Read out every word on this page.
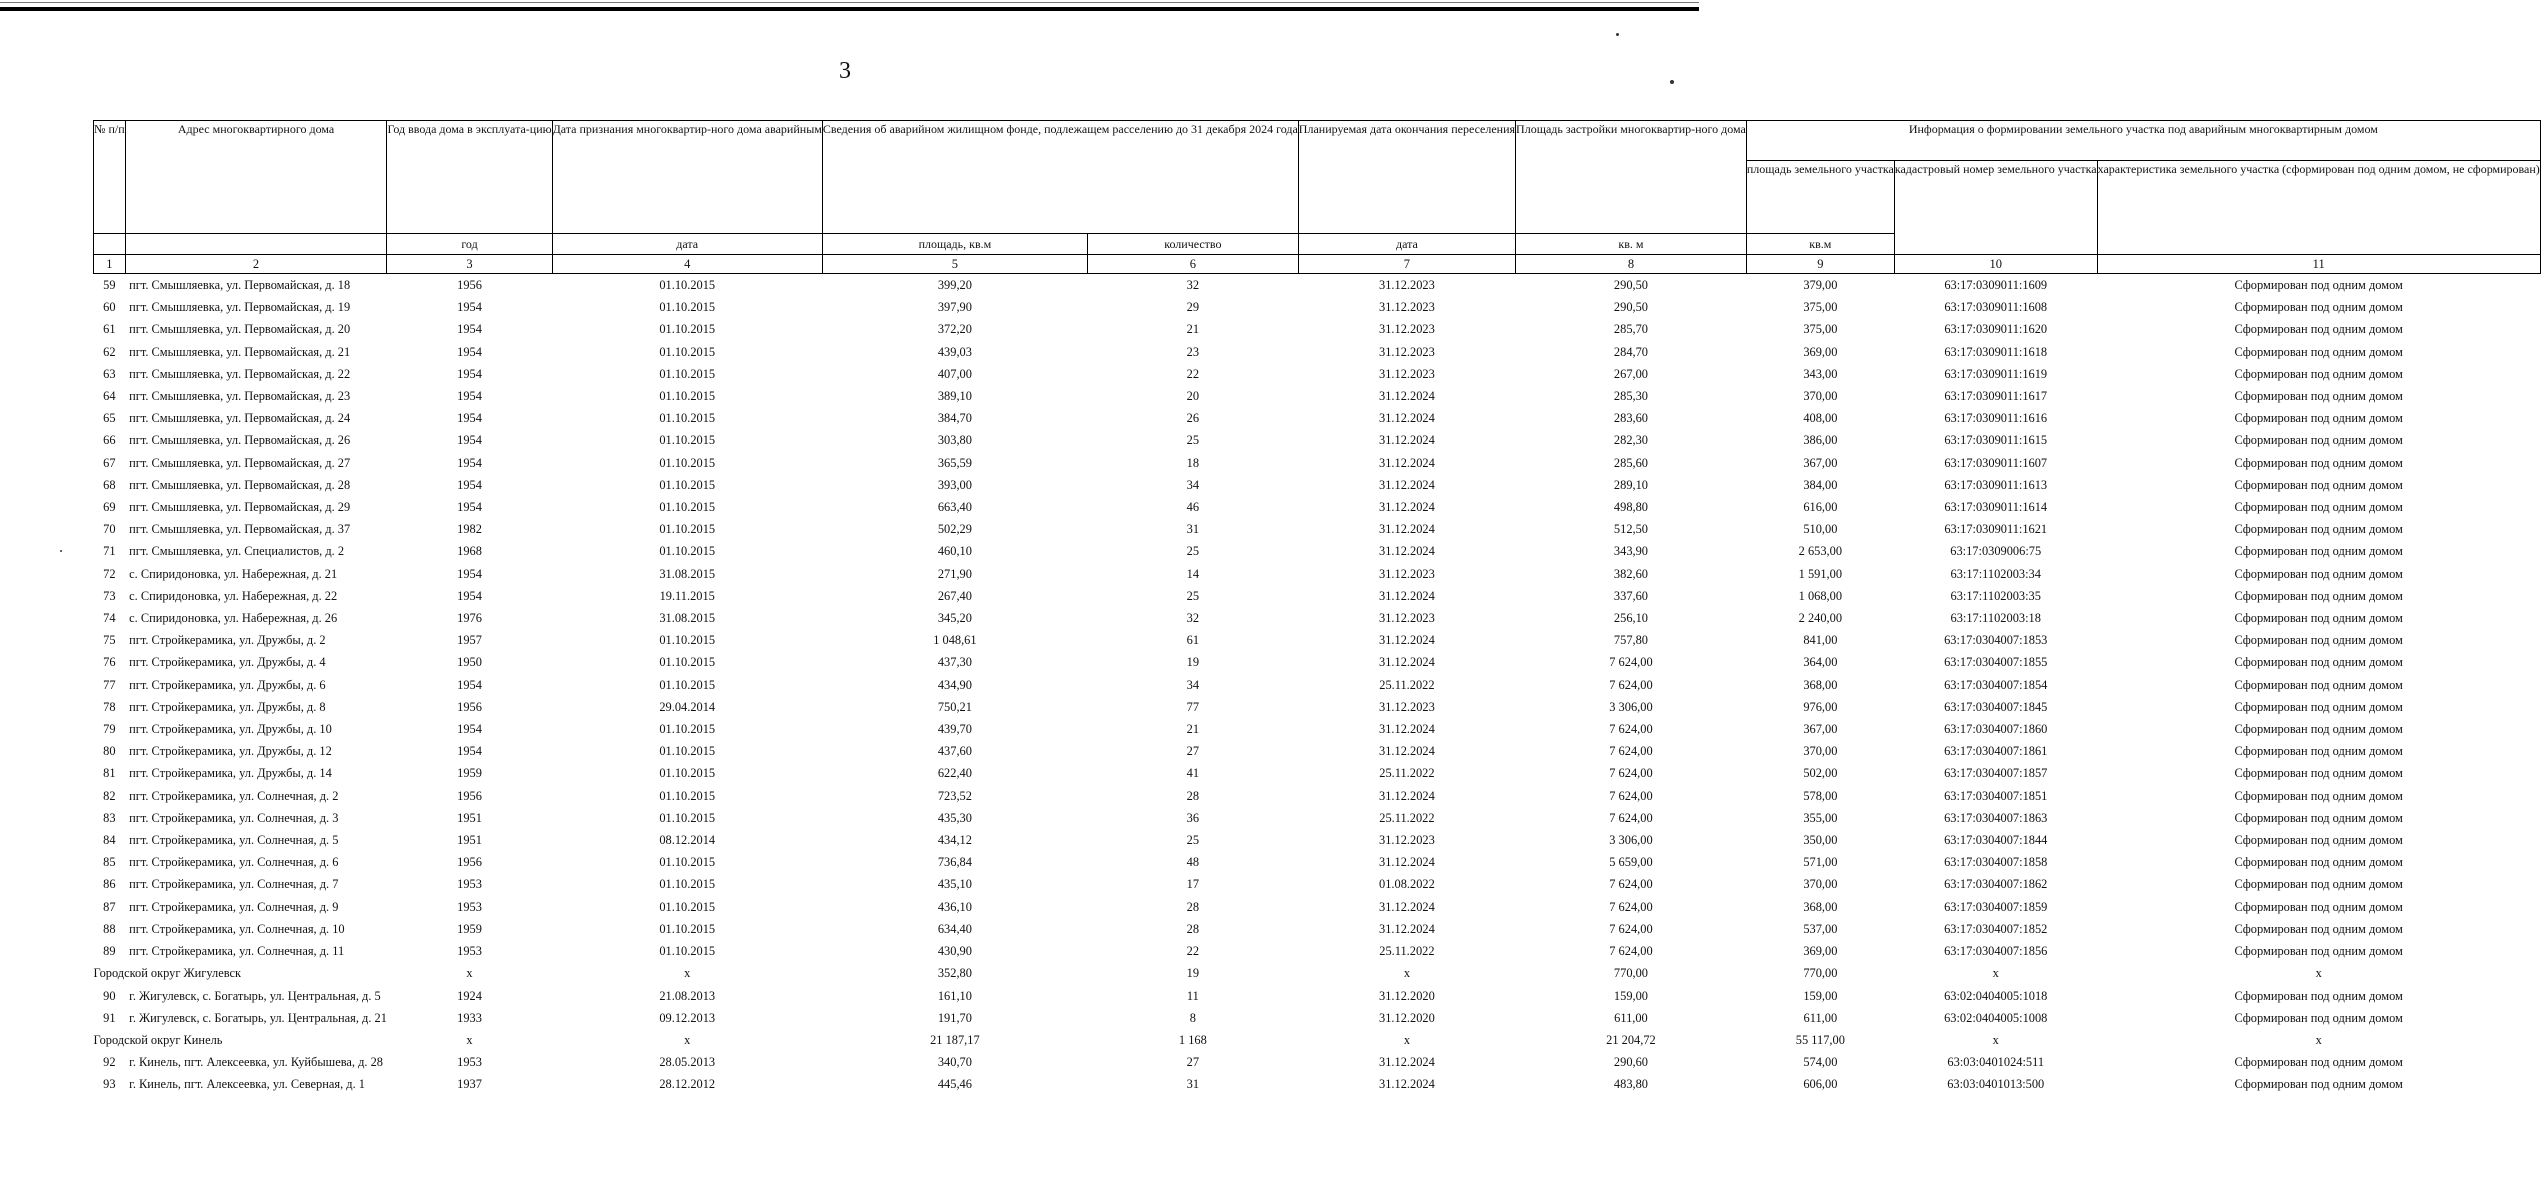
3
№ п/п	Адрес многоквартирного дома	Год ввода дома в эксплуата-цию	Дата признания многоквартир-ного дома аварийным	Сведения об аварийном жилищном фонде, подлежащем расселению до 31 декабря 2024 года		Планируемая дата окончания переселения	Площадь застройки многоквартир-ного дома	Информация о формировании земельного участка под аварийным многоквартирным домом		
								площадь земельного участка	кадастровый номер земельного участка	характеристика земельного участка (сформирован под одним домом, не сформирован)
		год	дата	площадь, кв.м	количество	дата	кв. м	кв.м		
1	2	3	4	5	6	7	8	9	10	11
59	пгт. Смышляевка, ул. Первомайская, д. 18	1956	01.10.2015	399,20	32	31.12.2023	290,50	379,00	63:17:0309011:1609	Сформирован под одним домом
60	пгт. Смышляевка, ул. Первомайская, д. 19	1954	01.10.2015	397,90	29	31.12.2023	290,50	375,00	63:17:0309011:1608	Сформирован под одним домом
61	пгт. Смышляевка, ул. Первомайская, д. 20	1954	01.10.2015	372,20	21	31.12.2023	285,70	375,00	63:17:0309011:1620	Сформирован под одним домом
62	пгт. Смышляевка, ул. Первомайская, д. 21	1954	01.10.2015	439,03	23	31.12.2023	284,70	369,00	63:17:0309011:1618	Сформирован под одним домом
63	пгт. Смышляевка, ул. Первомайская, д. 22	1954	01.10.2015	407,00	22	31.12.2023	267,00	343,00	63:17:0309011:1619	Сформирован под одним домом
64	пгт. Смышляевка, ул. Первомайская, д. 23	1954	01.10.2015	389,10	20	31.12.2024	285,30	370,00	63:17:0309011:1617	Сформирован под одним домом
65	пгт. Смышляевка, ул. Первомайская, д. 24	1954	01.10.2015	384,70	26	31.12.2024	283,60	408,00	63:17:0309011:1616	Сформирован под одним домом
66	пгт. Смышляевка, ул. Первомайская, д. 26	1954	01.10.2015	303,80	25	31.12.2024	282,30	386,00	63:17:0309011:1615	Сформирован под одним домом
67	пгт. Смышляевка, ул. Первомайская, д. 27	1954	01.10.2015	365,59	18	31.12.2024	285,60	367,00	63:17:0309011:1607	Сформирован под одним домом
68	пгт. Смышляевка, ул. Первомайская, д. 28	1954	01.10.2015	393,00	34	31.12.2024	289,10	384,00	63:17:0309011:1613	Сформирован под одним домом
69	пгт. Смышляевка, ул. Первомайская, д. 29	1954	01.10.2015	663,40	46	31.12.2024	498,80	616,00	63:17:0309011:1614	Сформирован под одним домом
70	пгт. Смышляевка, ул. Первомайская, д. 37	1982	01.10.2015	502,29	31	31.12.2024	512,50	510,00	63:17:0309011:1621	Сформирован под одним домом
71	пгт. Смышляевка, ул. Специалистов, д. 2	1968	01.10.2015	460,10	25	31.12.2024	343,90	2 653,00	63:17:0309006:75	Сформирован под одним домом
72	с. Спиридоновка, ул. Набережная, д. 21	1954	31.08.2015	271,90	14	31.12.2023	382,60	1 591,00	63:17:1102003:34	Сформирован под одним домом
73	с. Спиридоновка, ул. Набережная, д. 22	1954	19.11.2015	267,40	25	31.12.2024	337,60	1 068,00	63:17:1102003:35	Сформирован под одним домом
74	с. Спиридоновка, ул. Набережная, д. 26	1976	31.08.2015	345,20	32	31.12.2023	256,10	2 240,00	63:17:1102003:18	Сформирован под одним домом
75	пгт. Стройкерамика, ул. Дружбы, д. 2	1957	01.10.2015	1 048,61	61	31.12.2024	757,80	841,00	63:17:0304007:1853	Сформирован под одним домом
76	пгт. Стройкерамика, ул. Дружбы, д. 4	1950	01.10.2015	437,30	19	31.12.2024	7 624,00	364,00	63:17:0304007:1855	Сформирован под одним домом
77	пгт. Стройкерамика, ул. Дружбы, д. 6	1954	01.10.2015	434,90	34	25.11.2022	7 624,00	368,00	63:17:0304007:1854	Сформирован под одним домом
78	пгт. Стройкерамика, ул. Дружбы, д. 8	1956	29.04.2014	750,21	77	31.12.2023	3 306,00	976,00	63:17:0304007:1845	Сформирован под одним домом
79	пгт. Стройкерамика, ул. Дружбы, д. 10	1954	01.10.2015	439,70	21	31.12.2024	7 624,00	367,00	63:17:0304007:1860	Сформирован под одним домом
80	пгт. Стройкерамика, ул. Дружбы, д. 12	1954	01.10.2015	437,60	27	31.12.2024	7 624,00	370,00	63:17:0304007:1861	Сформирован под одним домом
81	пгт. Стройкерамика, ул. Дружбы, д. 14	1959	01.10.2015	622,40	41	25.11.2022	7 624,00	502,00	63:17:0304007:1857	Сформирован под одним домом
82	пгт. Стройкерамика, ул. Солнечная, д. 2	1956	01.10.2015	723,52	28	31.12.2024	7 624,00	578,00	63:17:0304007:1851	Сформирован под одним домом
83	пгт. Стройкерамика, ул. Солнечная, д. 3	1951	01.10.2015	435,30	36	25.11.2022	7 624,00	355,00	63:17:0304007:1863	Сформирован под одним домом
84	пгт. Стройкерамика, ул. Солнечная, д. 5	1951	08.12.2014	434,12	25	31.12.2023	3 306,00	350,00	63:17:0304007:1844	Сформирован под одним домом
85	пгт. Стройкерамика, ул. Солнечная, д. 6	1956	01.10.2015	736,84	48	31.12.2024	5 659,00	571,00	63:17:0304007:1858	Сформирован под одним домом
86	пгт. Стройкерамика, ул. Солнечная, д. 7	1953	01.10.2015	435,10	17	01.08.2022	7 624,00	370,00	63:17:0304007:1862	Сформирован под одним домом
87	пгт. Стройкерамика, ул. Солнечная, д. 9	1953	01.10.2015	436,10	28	31.12.2024	7 624,00	368,00	63:17:0304007:1859	Сформирован под одним домом
88	пгт. Стройкерамика, ул. Солнечная, д. 10	1959	01.10.2015	634,40	28	31.12.2024	7 624,00	537,00	63:17:0304007:1852	Сформирован под одним домом
89	пгт. Стройкерамика, ул. Солнечная, д. 11	1953	01.10.2015	430,90	22	25.11.2022	7 624,00	369,00	63:17:0304007:1856	Сформирован под одним домом
Городской округ Жигулевск		x	x	352,80	19	x	770,00	770,00	x	x
90	г. Жигулевск, с. Богатырь, ул. Центральная, д. 5	1924	21.08.2013	161,10	11	31.12.2020	159,00	159,00	63:02:0404005:1018	Сформирован под одним домом
91	г. Жигулевск, с. Богатырь, ул. Центральная, д. 21	1933	09.12.2013	191,70	8	31.12.2020	611,00	611,00	63:02:0404005:1008	Сформирован под одним домом
Городской округ Кинель		x	x	21 187,17	1 168	x	21 204,72	55 117,00	x	x
92	г. Кинель, пгт. Алексеевка, ул. Куйбышева, д. 28	1953	28.05.2013	340,70	27	31.12.2024	290,60	574,00	63:03:0401024:511	Сформирован под одним домом
93	г. Кинель, пгт. Алексеевка, ул. Северная, д. 1	1937	28.12.2012	445,46	31	31.12.2024	483,80	606,00	63:03:0401013:500	Сформирован под одним домом
